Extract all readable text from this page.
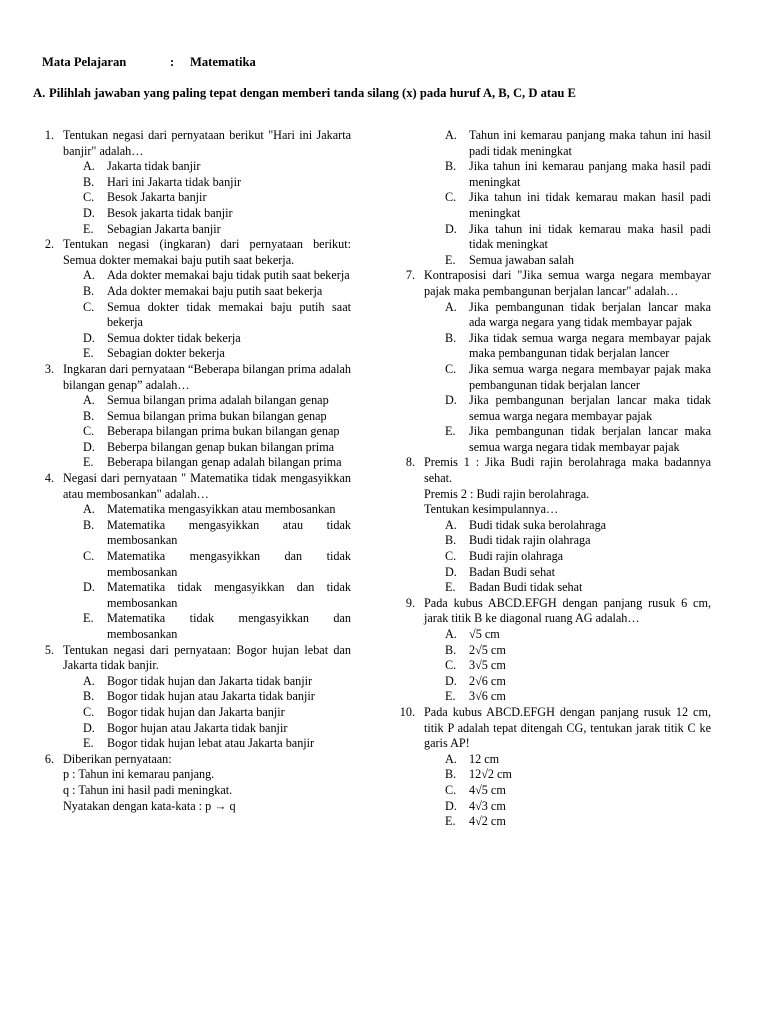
Mata Pelajaran	: Matematika
A. Pilihlah jawaban yang paling tepat dengan memberi tanda silang (x) pada huruf A, B, C, D atau E
1. Tentukan negasi dari pernyataan berikut "Hari ini Jakarta banjir" adalah…
A. Jakarta tidak banjir
B.	Hari ini Jakarta tidak banjir
C.	Besok Jakarta banjir
D. Besok jakarta tidak banjir
E.	Sebagian Jakarta banjir
2. Tentukan negasi (ingkaran) dari pernyataan berikut: Semua dokter memakai baju putih saat bekerja.
A. Ada dokter memakai baju tidak putih saat bekerja
B.	Ada dokter memakai baju putih saat bekerja
C.	Semua dokter tidak memakai baju putih saat bekerja
D. Semua dokter tidak bekerja
E.	Sebagian dokter bekerja
3. Ingkaran dari pernyataan “Beberapa bilangan prima adalah bilangan genap” adalah…
A. Semua bilangan prima adalah bilangan genap
B.	Semua bilangan prima bukan bilangan genap
C.	Beberapa bilangan prima bukan bilangan genap
D. Beberpa bilangan genap bukan bilangan prima
E.	Beberapa bilangan genap adalah bilangan prima
4. Negasi dari pernyataan " Matematika tidak mengasyikkan atau membosankan" adalah…
A. Matematika mengasyikkan atau membosankan
B.	Matematika mengasyikkan atau tidak membosankan
C.	Matematika mengasyikkan dan tidak membosankan
D. Matematika tidak mengasyikkan dan tidak membosankan
E.	Matematika tidak mengasyikkan dan membosankan
5. Tentukan negasi dari pernyataan: Bogor hujan lebat dan Jakarta tidak banjir.
A. Bogor tidak hujan dan Jakarta tidak banjir
B.	Bogor tidak hujan atau Jakarta tidak banjir
C.	Bogor tidak hujan dan Jakarta banjir
D. Bogor hujan atau Jakarta tidak banjir
E.	Bogor tidak hujan lebat atau Jakarta banjir
6. Diberikan pernyataan:
p : Tahun ini kemarau panjang.
q : Tahun ini hasil padi meningkat.
Nyatakan dengan kata-kata : p → q
A. Tahun ini kemarau panjang maka tahun ini hasil padi tidak meningkat
B.	Jika tahun ini kemarau panjang maka hasil padi meningkat
C.	Jika tahun ini tidak kemarau makan hasil padi meningkat
D. Jika tahun ini tidak kemarau maka hasil padi tidak meningkat
E.	Semua jawaban salah
7. Kontraposisi dari "Jika semua warga negara membayar pajak maka pembangunan berjalan lancar" adalah…
A. Jika pembangunan tidak berjalan lancar maka ada warga negara yang tidak membayar pajak
B.	Jika tidak semua warga negara membayar pajak maka pembangunan tidak berjalan lancer
C.	Jika semua warga negara membayar pajak maka pembangunan tidak berjalan lancer
D. Jika pembangunan berjalan lancar maka tidak semua warga negara membayar pajak
E.	Jika pembangunan tidak berjalan lancar maka semua warga negara tidak membayar pajak
8. Premis 1 : Jika Budi rajin berolahraga maka badannya sehat.
Premis 2 : Budi rajin berolahraga.
Tentukan kesimpulannya…
A. Budi tidak suka berolahraga
B.	Budi tidak rajin olahraga
C.	Budi rajin olahraga
D. Badan Budi sehat
E.	Badan Budi tidak sehat
9. Pada kubus ABCD.EFGH dengan panjang rusuk 6 cm, jarak titik B ke diagonal ruang AG adalah…
A. √5 cm
B.	2√5 cm
C.	3√5 cm
D. 2√6 cm
E.	3√6 cm
10. Pada kubus ABCD.EFGH dengan panjang rusuk 12 cm, titik P adalah tepat ditengah CG, tentukan jarak titik C ke garis AP!
A. 12 cm
B.	12√2 cm
C.	4√5 cm
D. 4√3 cm
E.	4√2 cm
